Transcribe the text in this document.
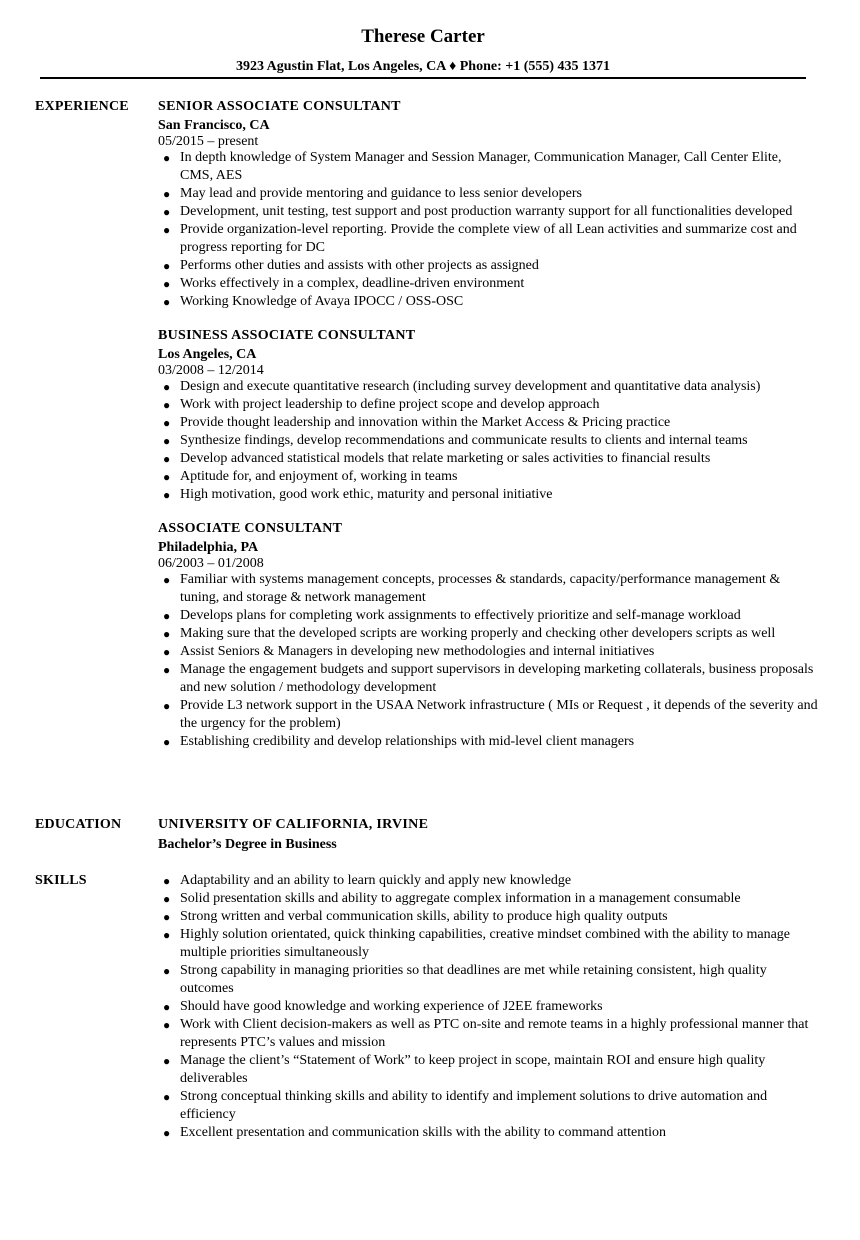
Therese Carter
3923 Agustin Flat, Los Angeles, CA ♦ Phone: +1 (555) 435 1371
EXPERIENCE SENIOR ASSOCIATE CONSULTANT

San Francisco, CA

05/2015 – present

● In depth knowledge of System Manager and Session Manager, Communication Manager, Call Center Elite, CMS, AES
● May lead and provide mentoring and guidance to less senior developers
● Development, unit testing, test support and post production warranty support for all functionalities developed
● Provide organization-level reporting. Provide the complete view of all Lean activities and summarize cost and progress reporting for DC
● Performs other duties and assists with other projects as assigned
● Works effectively in a complex, deadline-driven environment
● Working Knowledge of Avaya IPOCC / OSS-OSC

BUSINESS ASSOCIATE CONSULTANT

Los Angeles, CA

03/2008 – 12/2014

● Design and execute quantitative research (including survey development and quantitative data analysis)
● Work with project leadership to define project scope and develop approach
● Provide thought leadership and innovation within the Market Access & Pricing practice
● Synthesize findings, develop recommendations and communicate results to clients and internal teams
● Develop advanced statistical models that relate marketing or sales activities to financial results
● Aptitude for, and enjoyment of, working in teams
● High motivation, good work ethic, maturity and personal initiative

ASSOCIATE CONSULTANT

Philadelphia, PA

06/2003 – 01/2008

● Familiar with systems management concepts, processes & standards, capacity/performance management & tuning, and storage & network management
● Develops plans for completing work assignments to effectively prioritize and self-manage workload
● Making sure that the developed scripts are working properly and checking other developers scripts as well
● Assist Seniors & Managers in developing new methodologies and internal initiatives
● Manage the engagement budgets and support supervisors in developing marketing collaterals, business proposals and new solution / methodology development
● Provide L3 network support in the USAA Network infrastructure ( MIs or Request , it depends of the severity and the urgency for the problem)
● Establishing credibility and develop relationships with mid-level client managers
EDUCATION	UNIVERSITY OF CALIFORNIA, IRVINE

Bachelor’s Degree in Business

SKILLS	● Adaptability and an ability to learn quickly and apply new knowledge
● Solid presentation skills and ability to aggregate complex information in a management consumable
● Strong written and verbal communication skills, ability to produce high quality outputs
● Highly solution orientated, quick thinking capabilities, creative mindset combined with the ability to manage multiple priorities simultaneously
● Strong capability in managing priorities so that deadlines are met while retaining consistent, high quality outcomes
● Should have good knowledge and working experience of J2EE frameworks
● Work with Client decision-makers as well as PTC on-site and remote teams in a highly professional manner that represents PTC’s values and mission
● Manage the client’s “Statement of Work” to keep project in scope, maintain ROI and ensure high quality deliverables
● Strong conceptual thinking skills and ability to identify and implement solutions to drive automation and efficiency
● Excellent presentation and communication skills with the ability to command attention
